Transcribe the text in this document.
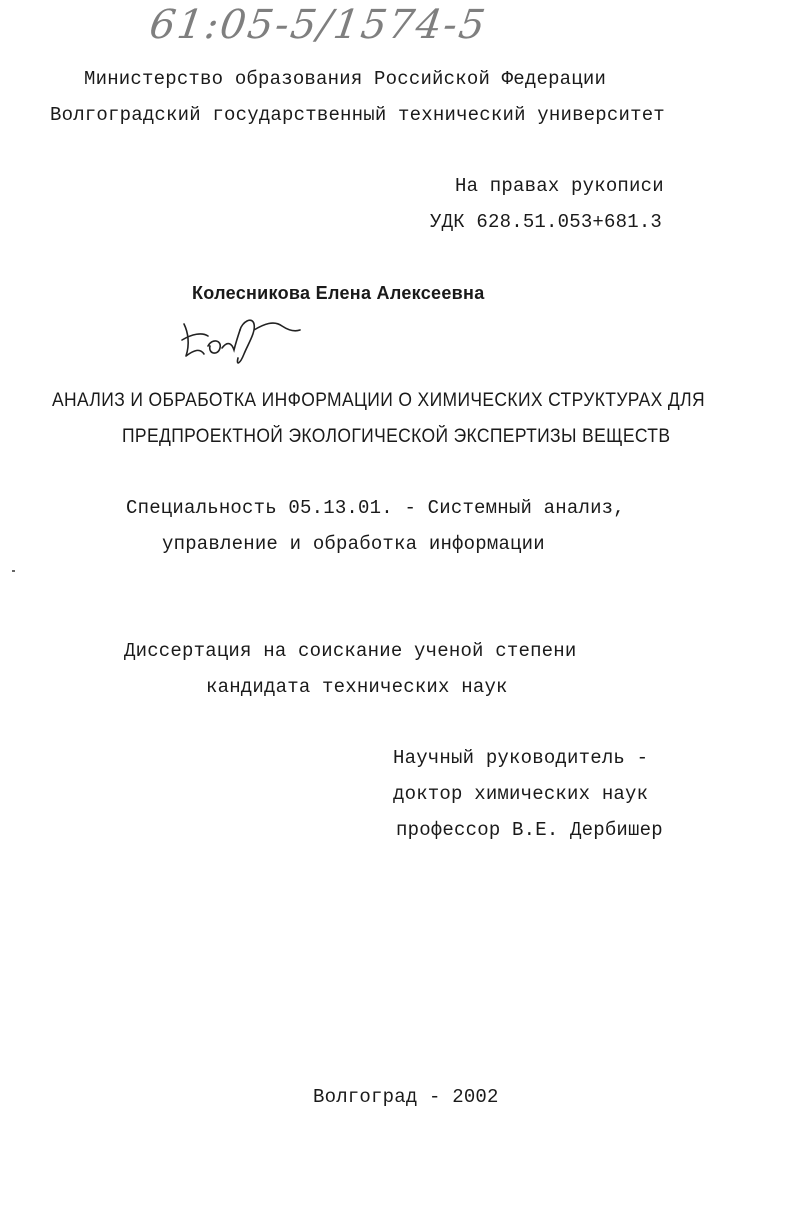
61:05-5/1574-5
Министерство образования Российской Федерации
Волгоградский государственный технический университет
На правах рукописи
УДК 628.51.053+681.3
Колесникова Елена Алексеевна
АНАЛИЗ И ОБРАБОТКА ИНФОРМАЦИИ О ХИМИЧЕСКИХ СТРУКТУРАХ ДЛЯ
ПРЕДПРОЕКТНОЙ ЭКОЛОГИЧЕСКОЙ ЭКСПЕРТИЗЫ ВЕЩЕСТВ
Специальность 05.13.01. - Системный анализ,
управление и обработка информации
Диссертация на соискание ученой степени
кандидата технических наук
Научный руководитель -
доктор химических наук
профессор В.Е. Дербишер
Волгоград - 2002
